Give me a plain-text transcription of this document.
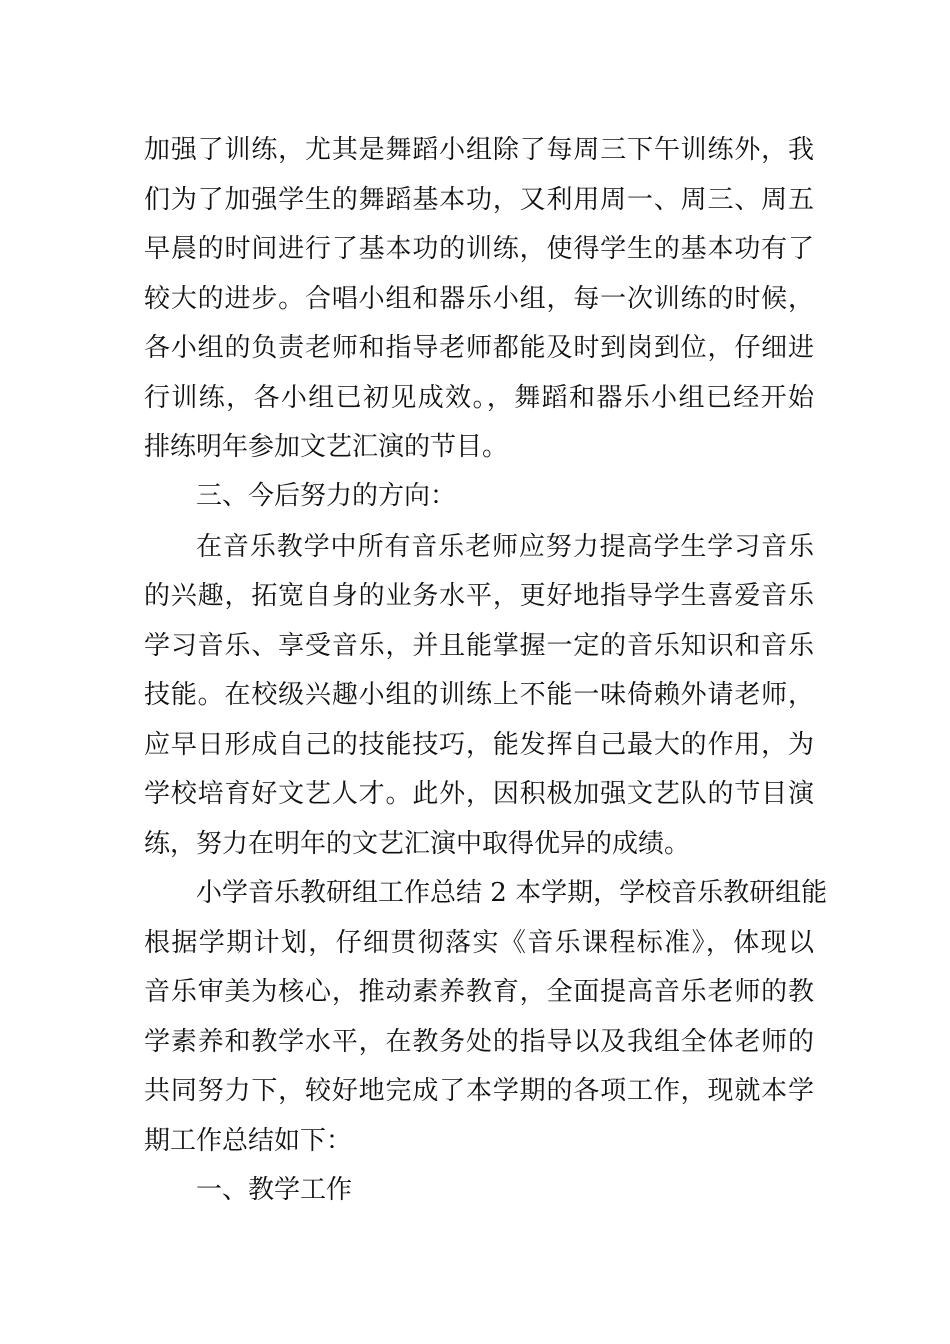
加强了训练，尤其是舞蹈小组除了每周三下午训练外，我
们为了加强学生的舞蹈基本功，又利用周一、周三、周五
早晨的时间进行了基本功的训练，使得学生的基本功有了
较大的进步。合唱小组和器乐小组，每一次训练的时候，
各小组的负责老师和指导老师都能及时到岗到位，仔细进
行训练，各小组已初见成效。，舞蹈和器乐小组已经开始
排练明年参加文艺汇演的节目。
三、今后努力的方向：
在音乐教学中所有音乐老师应努力提高学生学习音乐
的兴趣，拓宽自身的业务水平，更好地指导学生喜爱音乐
学习音乐、享受音乐，并且能掌握一定的音乐知识和音乐
技能。在校级兴趣小组的训练上不能一味倚赖外请老师，
应早日形成自己的技能技巧，能发挥自己最大的作用，为
学校培育好文艺人才。此外，因积极加强文艺队的节目演
练，努力在明年的文艺汇演中取得优异的成绩。
小学音乐教研组工作总结 2 本学期，学校音乐教研组能
根据学期计划，仔细贯彻落实《音乐课程标准》，体现以
音乐审美为核心，推动素养教育，全面提高音乐老师的教
学素养和教学水平，在教务处的指导以及我组全体老师的
共同努力下，较好地完成了本学期的各项工作，现就本学
期工作总结如下：
一、教学工作
